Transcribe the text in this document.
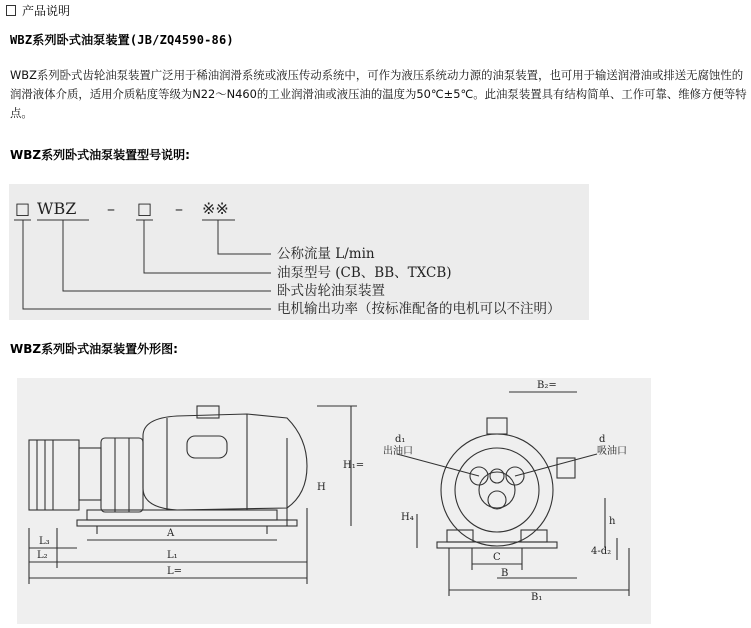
产品说明
WBZ系列卧式油泵装置(JB/ZQ4590-86)
WBZ系列卧式齿轮油泵装置广泛用于稀油润滑系统或液压传动系统中，可作为液压系统动力源的油泵装置，也可用于输送润滑油或排送无腐蚀性的润滑液体介质，适用介质粘度等级为N22～N460的工业润滑油或液压油的温度为50℃±5℃。此油泵装置具有结构简单、工作可靠、维修方便等特点。
WBZ系列卧式油泵装置型号说明:
□ WBZ – □ – ※※
公称流量 L/min
油泵型号 (CB、BB、TXCB)
卧式齿轮油泵装置
电机输出功率（按标准配备的电机可以不注明）
WBZ系列卧式油泵装置外形图:
L₃
A
L₂	L₁
L=
H
H₁=
B₂=
d₁
出油口
d
吸油口
H₄	h
C
4-d₂
B
B₁
